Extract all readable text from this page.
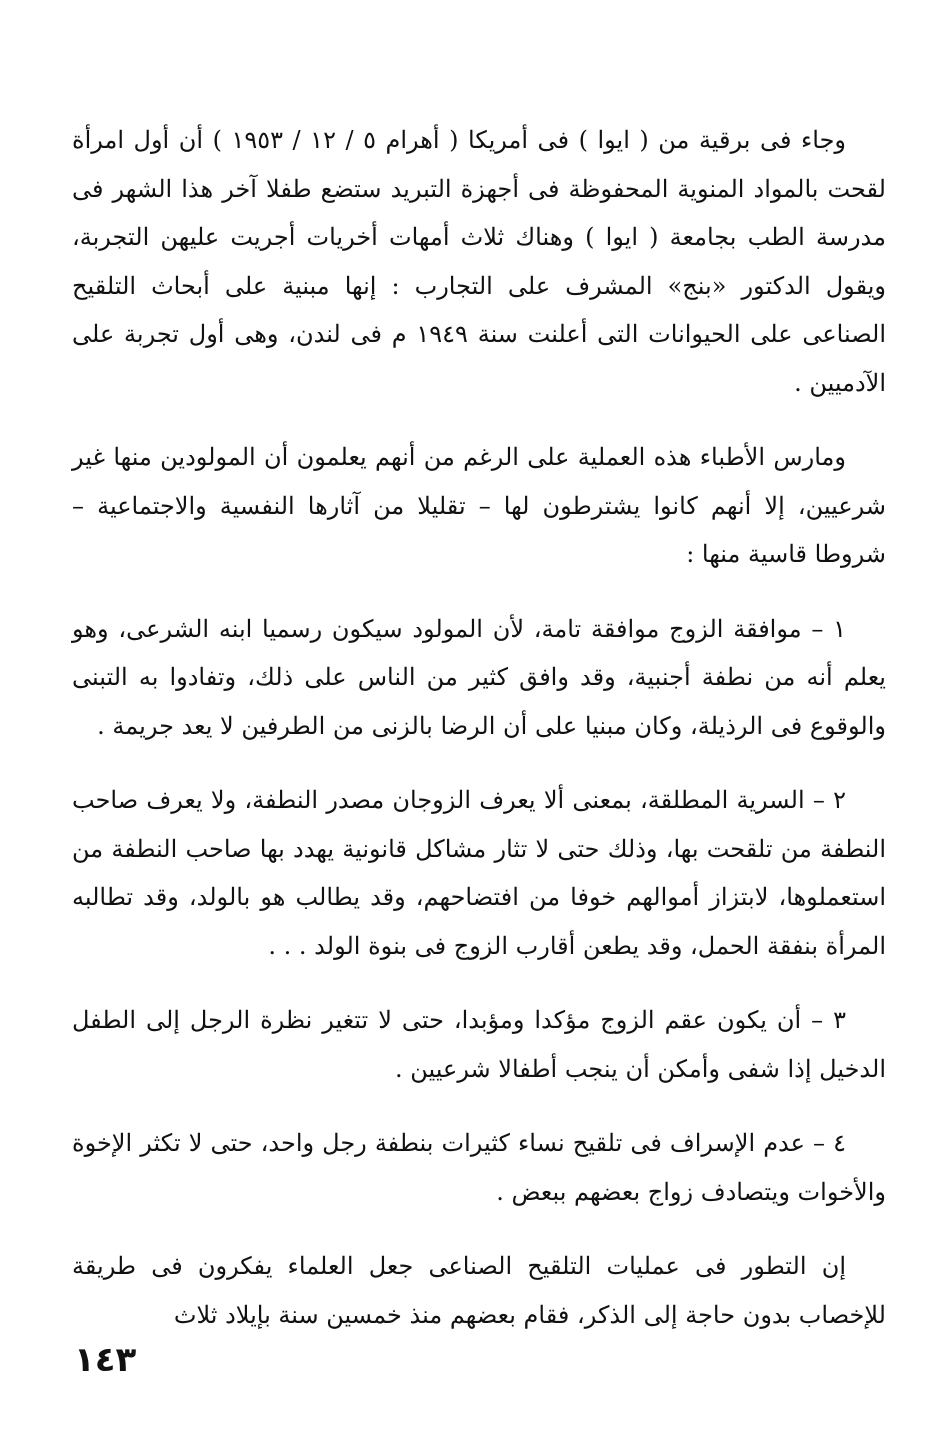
وجاء فى برقية من ( ايوا ) فى أمريكا ( أهرام ٥ / ١٢ / ١٩٥٣ ) أن أول امرأة لقحت بالمواد المنوية المحفوظة فى أجهزة التبريد ستضع طفلا آخر هذا الشهر فى مدرسة الطب بجامعة ( ايوا ) وهناك ثلاث أمهات أخريات أجريت عليهن التجربة، ويقول الدكتور «بنج» المشرف على التجارب : إنها مبنية على أبحاث التلقيح الصناعى على الحيوانات التى أعلنت سنة ١٩٤٩ م فى لندن، وهى أول تجربة على الآدميين .

ومارس الأطباء هذه العملية على الرغم من أنهم يعلمون أن المولودين منها غير شرعيين، إلا أنهم كانوا يشترطون لها – تقليلا من آثارها النفسية والاجتماعية – شروطا قاسية منها :

١ – موافقة الزوج موافقة تامة، لأن المولود سيكون رسميا ابنه الشرعى، وهو يعلم أنه من نطفة أجنبية، وقد وافق كثير من الناس على ذلك، وتفادوا به التبنى والوقوع فى الرذيلة، وكان مبنيا على أن الرضا بالزنى من الطرفين لا يعد جريمة .

٢ – السرية المطلقة، بمعنى ألا يعرف الزوجان مصدر النطفة، ولا يعرف صاحب النطفة من تلقحت بها، وذلك حتى لا تثار مشاكل قانونية يهدد بها صاحب النطفة من استعملوها، لابتزاز أموالهم خوفا من افتضاحهم، وقد يطالب هو بالولد، وقد تطالبه المرأة بنفقة الحمل، وقد يطعن أقارب الزوج فى بنوة الولد . . .

٣ – أن يكون عقم الزوج مؤكدا ومؤبدا، حتى لا تتغير نظرة الرجل إلى الطفل الدخيل إذا شفى وأمكن أن ينجب أطفالا شرعيين .

٤ – عدم الإسراف فى تلقيح نساء كثيرات بنطفة رجل واحد، حتى لا تكثر الإخوة والأخوات ويتصادف زواج بعضهم ببعض .

إن التطور فى عمليات التلقيح الصناعى جعل العلماء يفكرون فى طريقة للإخصاب بدون حاجة إلى الذكر، فقام بعضهم منذ خمسين سنة بإيلاد ثلاث

١٤٣
